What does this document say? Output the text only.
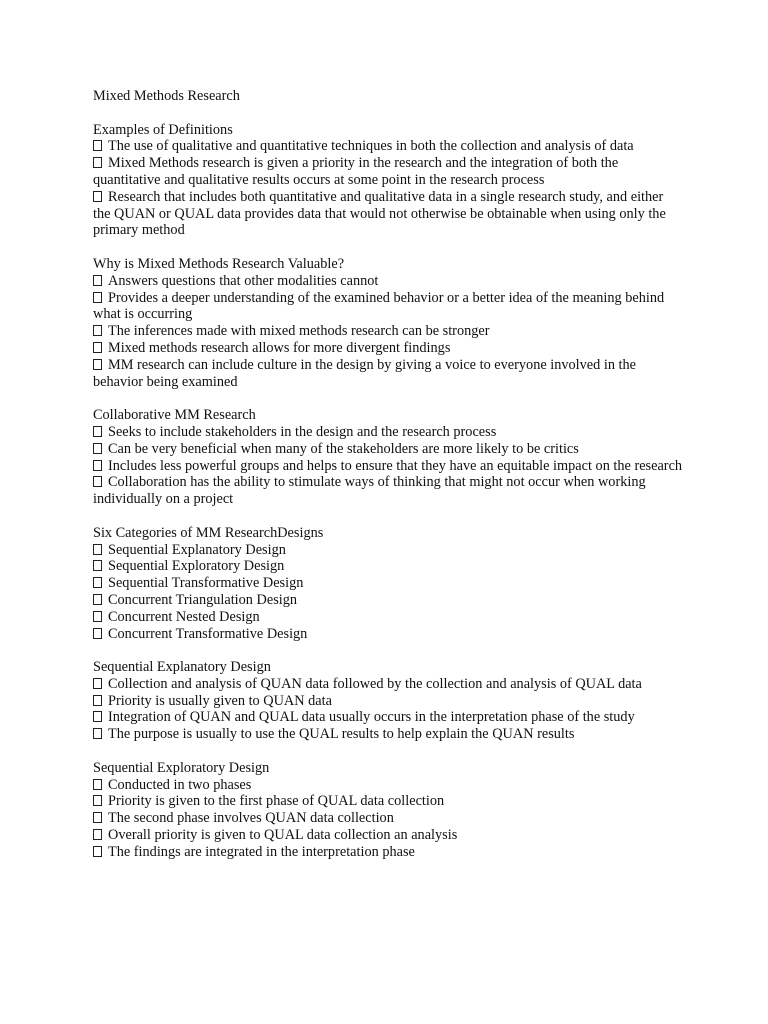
Mixed Methods Research
Examples of Definitions
The use of qualitative and quantitative techniques in both the collection and analysis of data
Mixed Methods research is given a priority in the research and the integration of both the quantitative and qualitative results occurs at some point in the research process
Research that includes both quantitative and qualitative data in a single research study, and either the QUAN or QUAL data provides data that would not otherwise be obtainable when using only the primary method
Why is Mixed Methods Research Valuable?
Answers questions that other modalities cannot
Provides a deeper understanding of the examined behavior or a better idea of the meaning behind what is occurring
The inferences made with mixed methods research can be stronger
Mixed methods research allows for more divergent findings
MM research can include culture in the design by giving a voice to everyone involved in the behavior being examined
Collaborative MM Research
Seeks to include stakeholders in the design and the research process
Can be very beneficial when many of the stakeholders are more likely to be critics
Includes less powerful groups and helps to ensure that they have an equitable impact on the research
Collaboration has the ability to stimulate ways of thinking that might not occur when working individually on a project
Six Categories of MM ResearchDesigns
Sequential Explanatory Design
Sequential Exploratory Design
Sequential Transformative Design
Concurrent Triangulation Design
Concurrent Nested Design
Concurrent Transformative Design
Sequential Explanatory Design
Collection and analysis of QUAN data followed by the collection and analysis of QUAL data
Priority is usually given to QUAN data
Integration of QUAN and QUAL data usually occurs in the interpretation phase of the study
The purpose is usually to use the QUAL results to help explain the QUAN results
Sequential Exploratory Design
Conducted in two phases
Priority is given to the first phase of QUAL data collection
The second phase involves QUAN data collection
Overall priority is given to QUAL data collection an analysis
The findings are integrated in the interpretation phase
